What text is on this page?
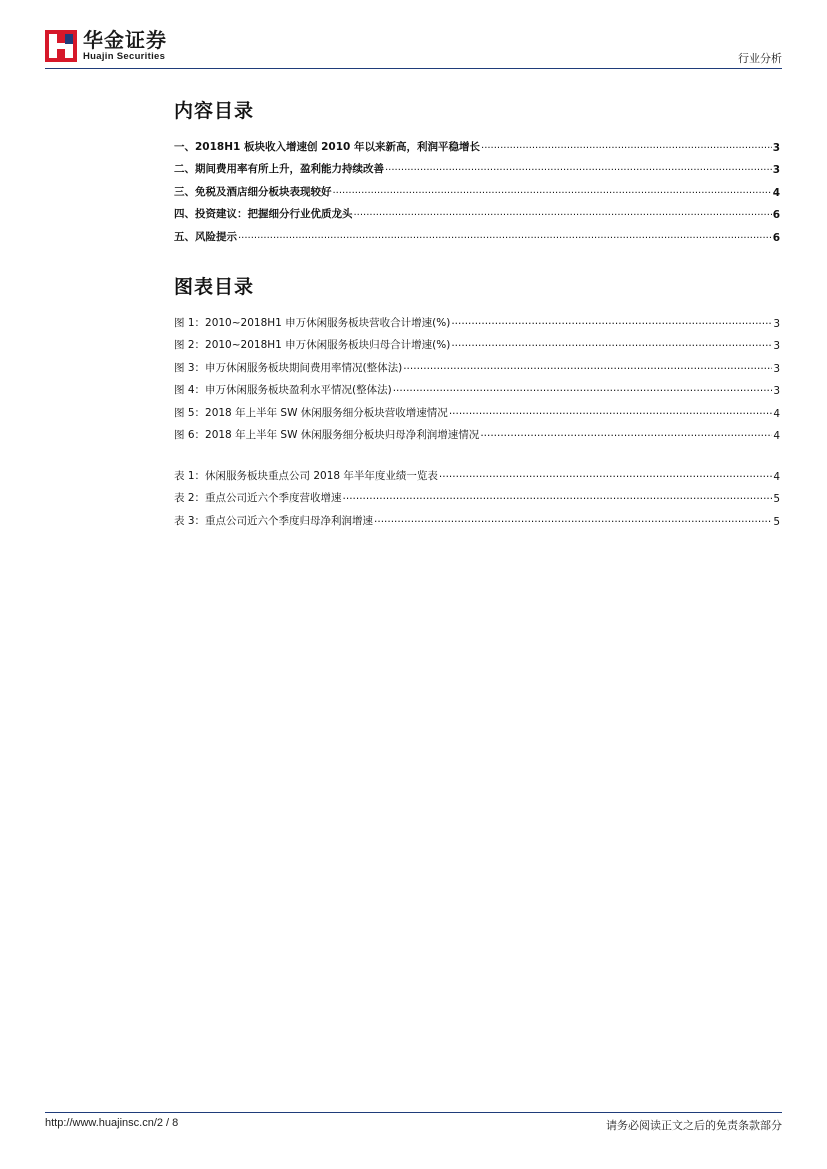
华金证券
Huajin Securities	行业分析
内容目录
一、2018H1 板块收入增速创 2010 年以来新高，利润平稳增长 .....	3
二、期间费用率有所上升，盈利能力持续改善 .....	3
三、免税及酒店细分板块表现较好 .....	4
四、投资建议：把握细分行业优质龙头 .....	6
五、风险提示 .....	6
图表目录
图 1：2010~2018H1 申万休闲服务板块营收合计增速(%) .....	3
图 2：2010~2018H1 申万休闲服务板块归母合计增速(%) .....	3
图 3：申万休闲服务板块期间费用率情况(整体法) .....	3
图 4：申万休闲服务板块盈利水平情况(整体法) .....	3
图 5：2018 年上半年 SW 休闲服务细分板块营收增速情况 .....	4
图 6：2018 年上半年 SW 休闲服务细分板块归母净利润增速情况 .....	4
表 1：休闲服务板块重点公司 2018 年半年度业绩一览表 .....	4
表 2：重点公司近六个季度营收增速 .....	5
表 3：重点公司近六个季度归母净利润增速 .....	5
http://www.huajinsc.cn/2 / 8	请务必阅读正文之后的免责条款部分
